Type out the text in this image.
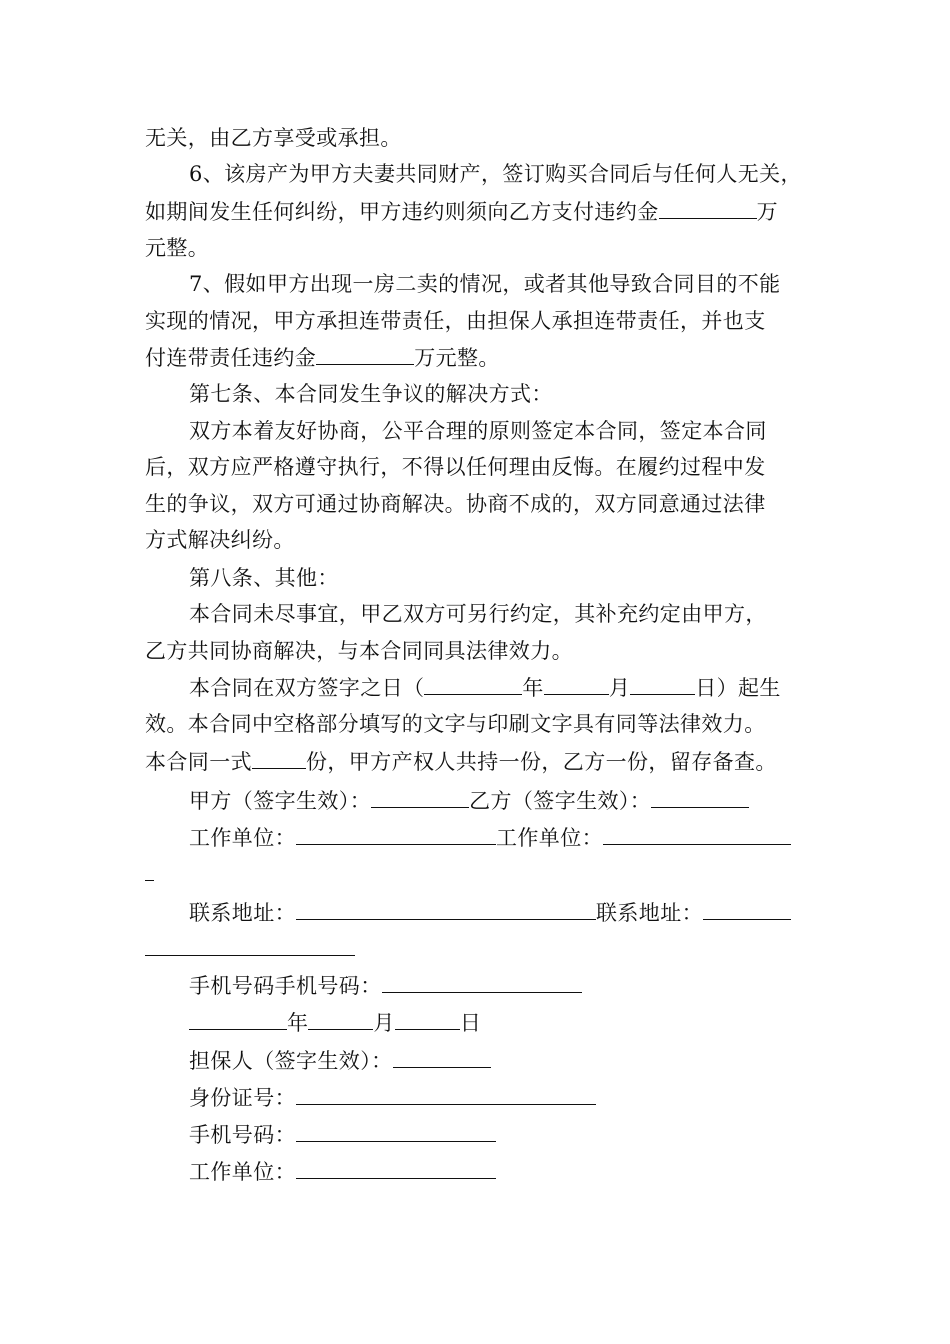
无关，由乙方享受或承担。
6、该房产为甲方夫妻共同财产，签订购买合同后与任何人无关，
如期间发生任何纠纷，甲方违约则须向乙方支付违约金	万
元整。
7、假如甲方出现一房二卖的情况，或者其他导致合同目的不能
实现的情况，甲方承担连带责任，由担保人承担连带责任，并也支
付连带责任违约金	万元整。
第七条、本合同发生争议的解决方式：
双方本着友好协商，公平合理的原则签定本合同，签定本合同
后，双方应严格遵守执行，不得以任何理由反悔。在履约过程中发
生的争议，双方可通过协商解决。协商不成的，双方同意通过法律
方式解决纠纷。
第八条、其他：
本合同未尽事宜，甲乙双方可另行约定，其补充约定由甲方，
乙方共同协商解决，与本合同同具法律效力。
本合同在双方签字之日（	年	月	日）起生
效。本合同中空格部分填写的文字与印刷文字具有同等法律效力。
本合同一式	份，甲方产权人共持一份，乙方一份，留存备查。
甲方（签字生效）：	乙方（签字生效）：
工作单位：	工作单位：
联系地址：	联系地址：
手机号码手机号码：
年	月	日
担保人（签字生效）：
身份证号：
手机号码：
工作单位：
